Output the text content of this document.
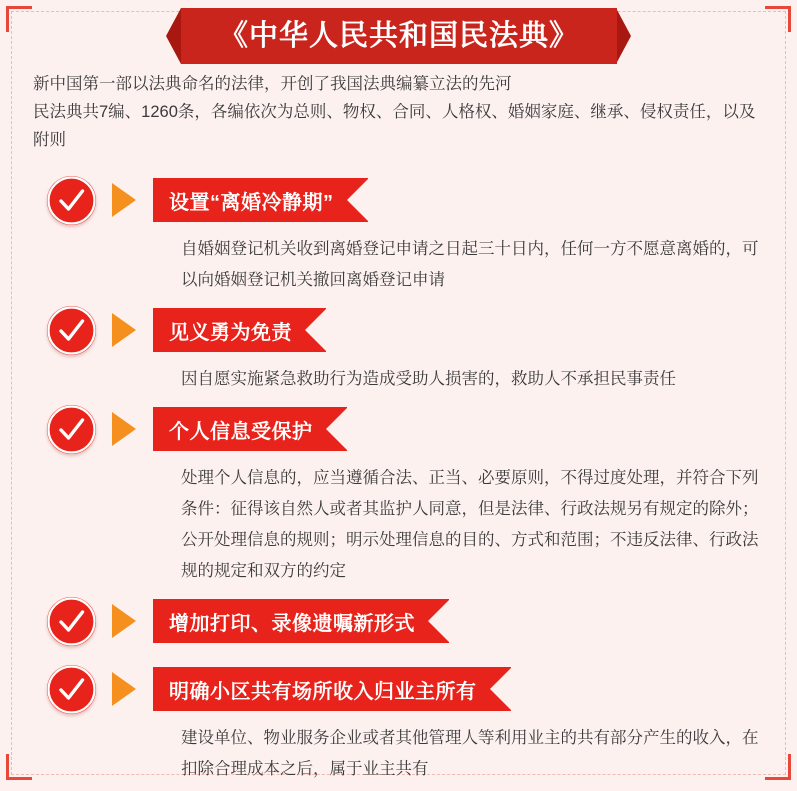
《中华人民共和国民法典》

新中国第一部以法典命名的法律，开创了我国法典编纂立法的先河

民法典共7编、1260条，各编依次为总则、物权、合同、人格权、婚姻家庭、继承、侵权责任，以及附则

设置“离婚冷静期”

自婚姻登记机关收到离婚登记申请之日起三十日内，任何一方不愿意离婚的，可以向婚姻登记机关撤回离婚登记申请

见义勇为免责

因自愿实施紧急救助行为造成受助人损害的，救助人不承担民事责任

个人信息受保护

处理个人信息的，应当遵循合法、正当、必要原则，不得过度处理，并符合下列条件：征得该自然人或者其监护人同意，但是法律、行政法规另有规定的除外；公开处理信息的规则；明示处理信息的目的、方式和范围；不违反法律、行政法规的规定和双方的约定

增加打印、录像遗嘱新形式
明确小区共有场所收入归业主所有

建设单位、物业服务企业或者其他管理人等利用业主的共有部分产生的收入，在扣除合理成本之后，属于业主共有
